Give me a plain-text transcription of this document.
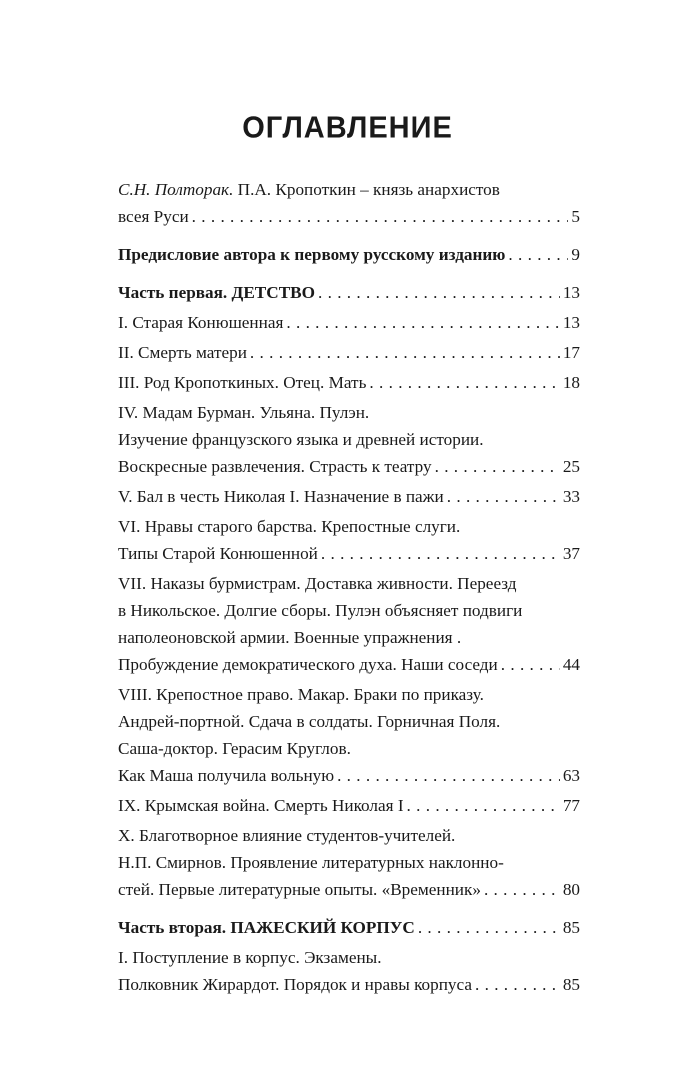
ОГЛАВЛЕНИЕ
С.Н. Полторак. П.А. Кропоткин – князь анархистов
всея Руси . . .	5
Предисловие автора к первому русскому изданию . . .	9
Часть первая. ДЕТСТВО . . .	13
I. Старая Конюшенная . . .	13
II. Смерть матери . . .	17
III. Род Кропоткиных. Отец. Мать . . .	18
IV. Мадам Бурман. Ульяна. Пулэн.
Изучение французского языка и древней истории.
Воскресные развлечения. Страсть к театру . . .	25
V. Бал в честь Николая I. Назначение в пажи . . .	33
VI. Нравы старого барства. Крепостные слуги.
Типы Старой Конюшенной . . .	37
VII. Наказы бурмистрам. Доставка живности. Переезд
в Никольское. Долгие сборы. Пулэн объясняет подвиги
наполеоновской армии. Военные упражнения .
Пробуждение демократического духа. Наши соседи . . .	44
VIII. Крепостное право. Макар. Браки по приказу.
Андрей-портной. Сдача в солдаты. Горничная Поля.
Саша-доктор. Герасим Круглов.
Как Маша получила вольную . . .	63
IX. Крымская война. Смерть Николая I . . .	77
X. Благотворное влияние студентов-учителей.
Н.П. Смирнов. Проявление литературных наклонно-
стей. Первые литературные опыты. «Временник» . . .	80
Часть вторая. ПАЖЕСКИЙ КОРПУС . . .	85
I. Поступление в корпус. Экзамены.
Полковник Жирардот. Порядок и нравы корпуса . . .	85
